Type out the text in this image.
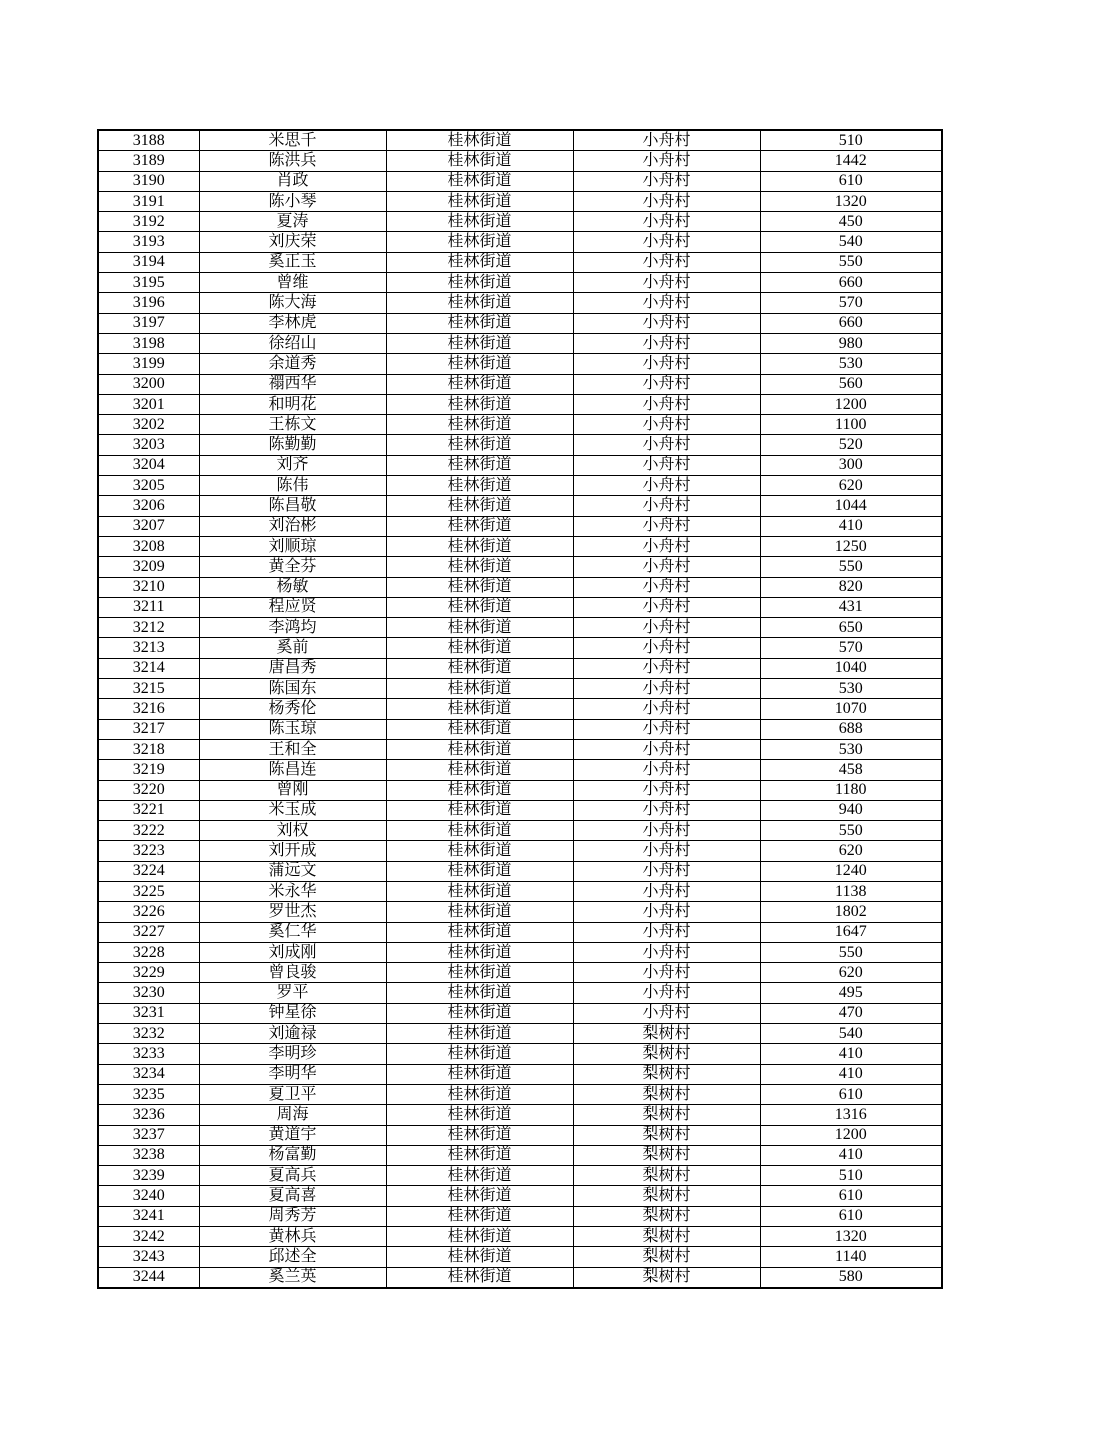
3188	米思千	桂林街道	小舟村	510
3189	陈洪兵	桂林街道	小舟村	1442
3190	肖政	桂林街道	小舟村	610
3191	陈小琴	桂林街道	小舟村	1320
3192	夏涛	桂林街道	小舟村	450
3193	刘庆荣	桂林街道	小舟村	540
3194	奚正玉	桂林街道	小舟村	550
3195	曾维	桂林街道	小舟村	660
3196	陈大海	桂林街道	小舟村	570
3197	李林虎	桂林街道	小舟村	660
3198	徐绍山	桂林街道	小舟村	980
3199	余道秀	桂林街道	小舟村	530
3200	禤西华	桂林街道	小舟村	560
3201	和明花	桂林街道	小舟村	1200
3202	王栋文	桂林街道	小舟村	1100
3203	陈勤勤	桂林街道	小舟村	520
3204	刘齐	桂林街道	小舟村	300
3205	陈伟	桂林街道	小舟村	620
3206	陈昌敬	桂林街道	小舟村	1044
3207	刘治彬	桂林街道	小舟村	410
3208	刘顺琼	桂林街道	小舟村	1250
3209	黄全芬	桂林街道	小舟村	550
3210	杨敏	桂林街道	小舟村	820
3211	程应贤	桂林街道	小舟村	431
3212	李鸿均	桂林街道	小舟村	650
3213	奚前	桂林街道	小舟村	570
3214	唐昌秀	桂林街道	小舟村	1040
3215	陈国东	桂林街道	小舟村	530
3216	杨秀伦	桂林街道	小舟村	1070
3217	陈玉琼	桂林街道	小舟村	688
3218	王和全	桂林街道	小舟村	530
3219	陈昌连	桂林街道	小舟村	458
3220	曾刚	桂林街道	小舟村	1180
3221	米玉成	桂林街道	小舟村	940
3222	刘权	桂林街道	小舟村	550
3223	刘开成	桂林街道	小舟村	620
3224	蒲远文	桂林街道	小舟村	1240
3225	米永华	桂林街道	小舟村	1138
3226	罗世杰	桂林街道	小舟村	1802
3227	奚仁华	桂林街道	小舟村	1647
3228	刘成刚	桂林街道	小舟村	550
3229	曾良骏	桂林街道	小舟村	620
3230	罗平	桂林街道	小舟村	495
3231	钟星徐	桂林街道	小舟村	470
3232	刘逾禄	桂林街道	梨树村	540
3233	李明珍	桂林街道	梨树村	410
3234	李明华	桂林街道	梨树村	410
3235	夏卫平	桂林街道	梨树村	610
3236	周海	桂林街道	梨树村	1316
3237	黄道宇	桂林街道	梨树村	1200
3238	杨富勤	桂林街道	梨树村	410
3239	夏高兵	桂林街道	梨树村	510
3240	夏高喜	桂林街道	梨树村	610
3241	周秀芳	桂林街道	梨树村	610
3242	黄林兵	桂林街道	梨树村	1320
3243	邱述全	桂林街道	梨树村	1140
3244	奚兰英	桂林街道	梨树村	580
